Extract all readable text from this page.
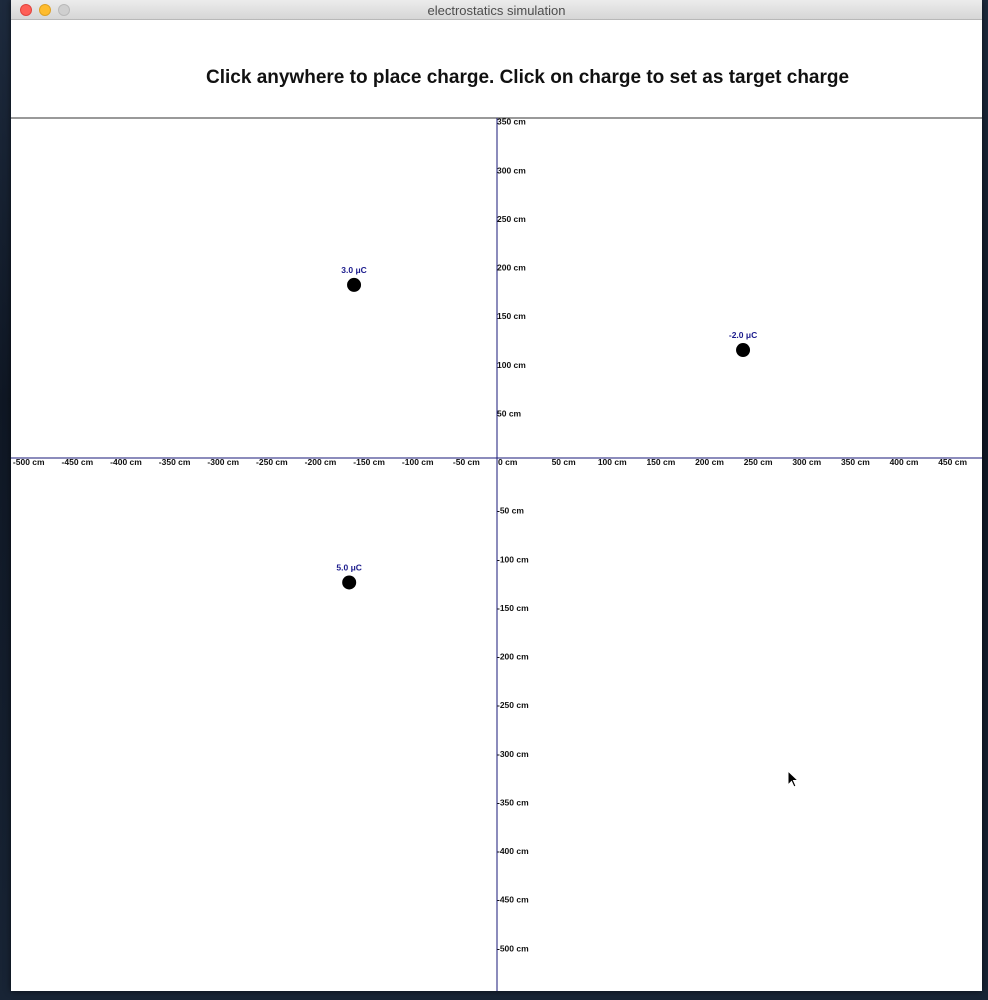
electrostatics simulation
Click anywhere to place charge. Click on charge to set as target charge
-500 cm -450 cm -400 cm -350 cm -300 cm -250 cm -200 cm -150 cm -100 cm -50 cm 0 cm	50 cm	100 cm 150 cm 200 cm 250 cm 300 cm 350 cm 400 cm 450 cm
350 cm
300 cm
250 cm
200 cm
150 cm
100 cm
50 cm
-50 cm
-100 cm
-150 cm
-200 cm
-250 cm
-300 cm
-350 cm
-400 cm
-450 cm
-500 cm
3.0 μC
-2.0 μC
5.0 μC
